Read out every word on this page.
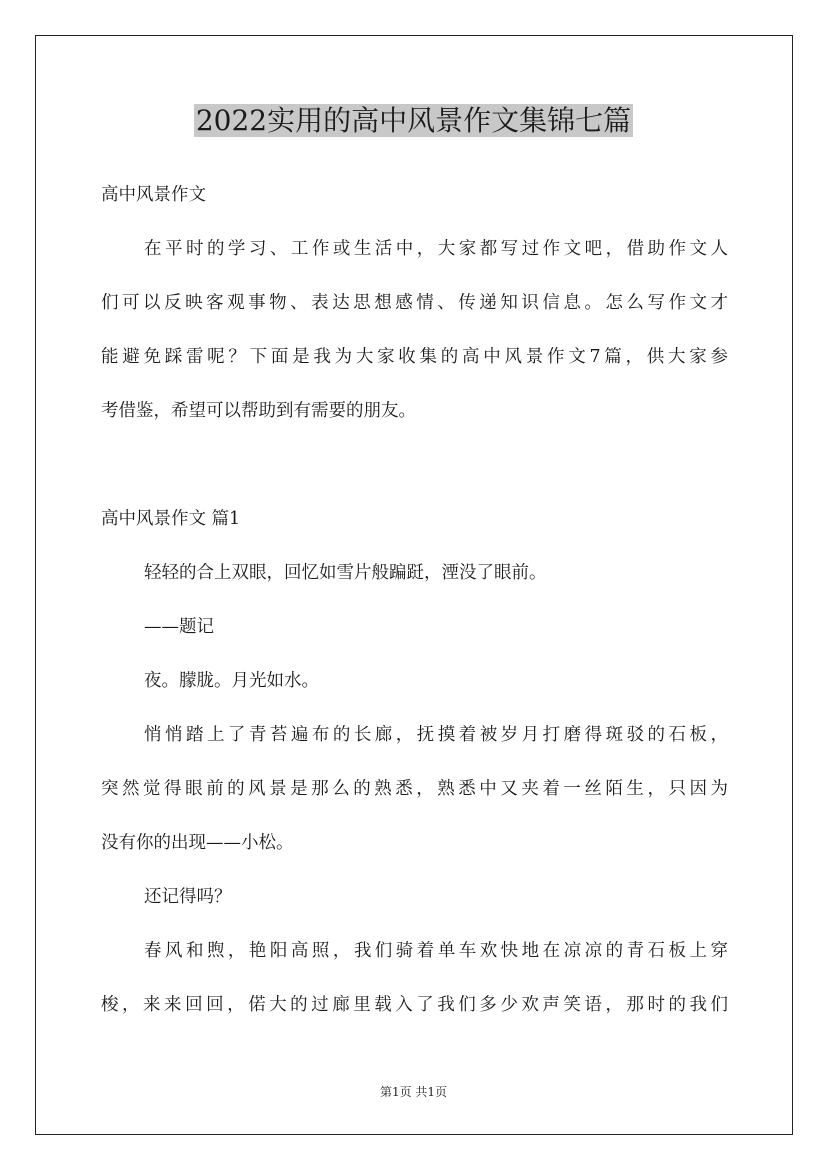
2022实用的高中风景作文集锦七篇
高中风景作文
在平时的学习、工作或生活中，大家都写过作文吧，借助作文人
们可以反映客观事物、表达思想感情、传递知识信息。怎么写作文才
能避免踩雷呢？下面是我为大家收集的高中风景作文7篇，供大家参
考借鉴，希望可以帮助到有需要的朋友。
高中风景作文 篇1
轻轻的合上双眼，回忆如雪片般蹁跹，湮没了眼前。
——题记
夜。朦胧。月光如水。
悄悄踏上了青苔遍布的长廊，抚摸着被岁月打磨得斑驳的石板，
突然觉得眼前的风景是那么的熟悉，熟悉中又夹着一丝陌生，只因为
没有你的出现——小松。
还记得吗？
春风和煦，艳阳高照，我们骑着单车欢快地在凉凉的青石板上穿
梭，来来回回，偌大的过廊里载入了我们多少欢声笑语，那时的我们
第1页 共1页
